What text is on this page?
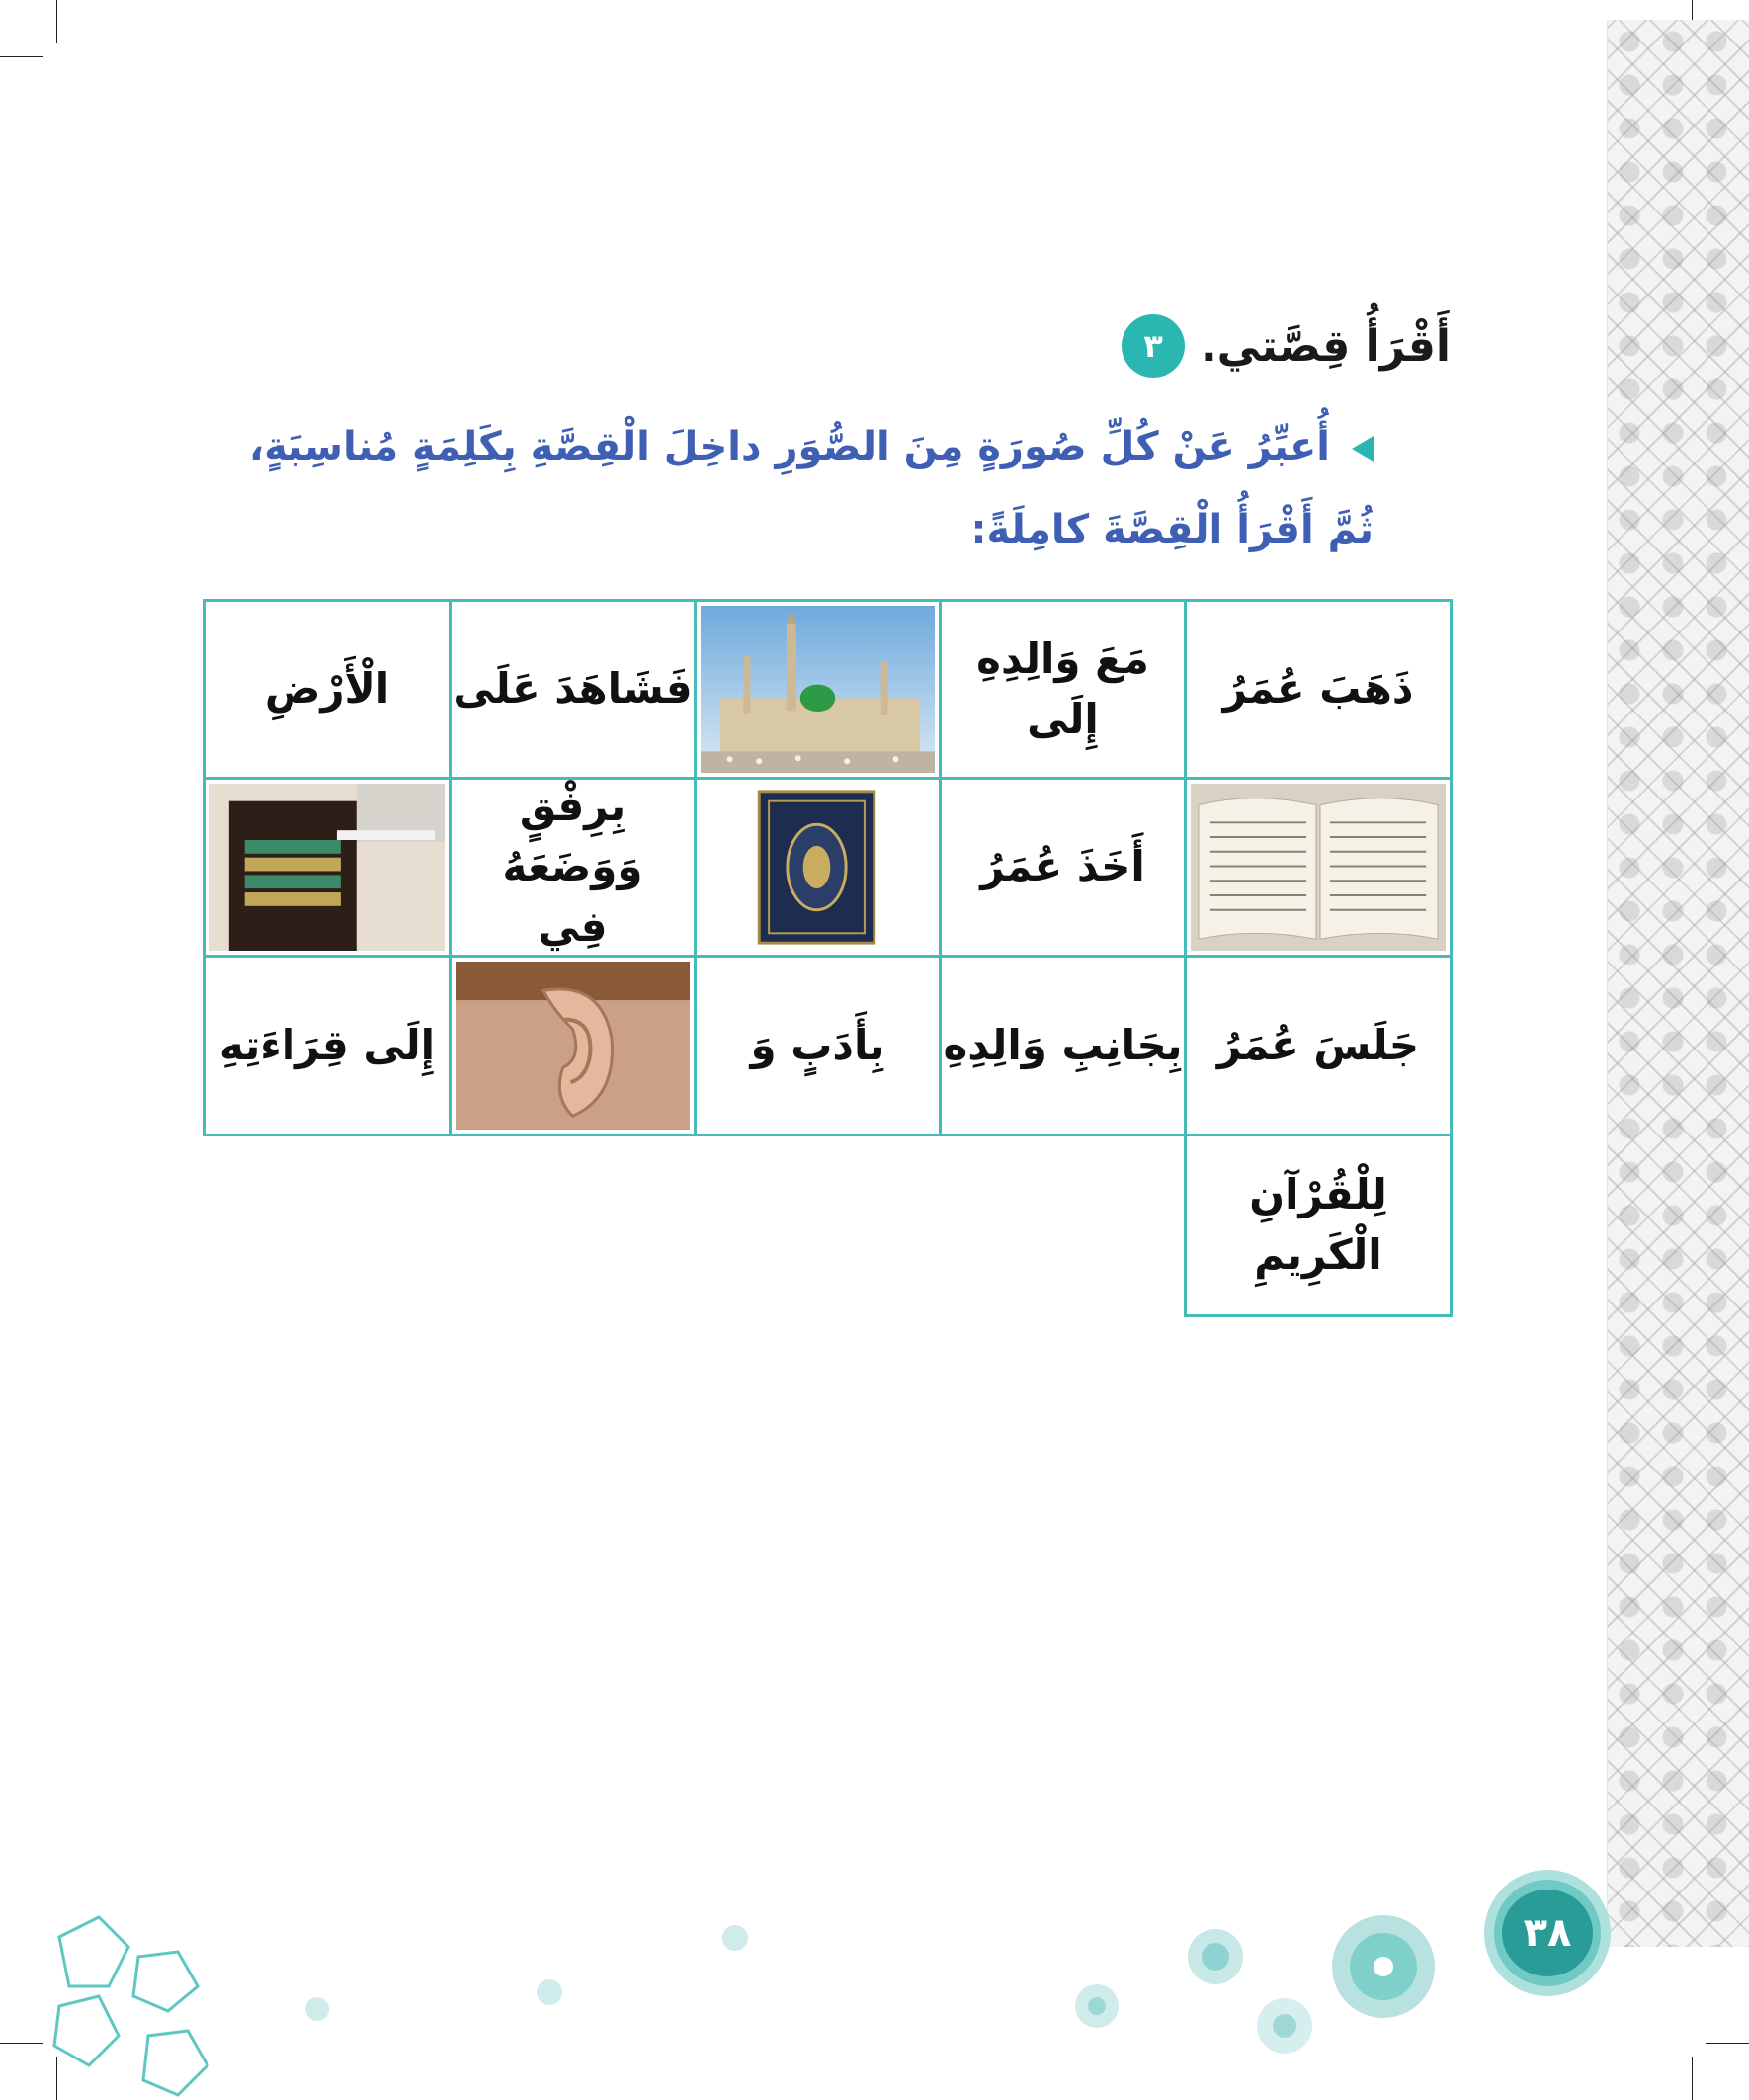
٣ أَقْرَأُ قِصَّتي.
أُعبِّرُ عَنْ كُلِّ صُورَةٍ مِنَ الصُّوَرِ داخِلَ الْقِصَّةِ بِكَلِمَةٍ مُناسِبَةٍ،
ثُمَّ أَقْرَأُ الْقِصَّةَ كامِلَةً:
ذَهَبَ عُمَرُ
مَعَ وَالِدِهِ إِلَى
فَشَاهَدَ عَلَى
الْأَرْضِ
أَخَذَ عُمَرُ
بِرِفْقٍ وَوَضَعَهُ فِي
جَلَسَ عُمَرُ
بِجَانِبِ وَالِدِهِ
بِأَدَبٍ وَ
إِلَى قِرَاءَتِهِ
لِلْقُرْآنِ الْكَرِيمِ
٣٨
